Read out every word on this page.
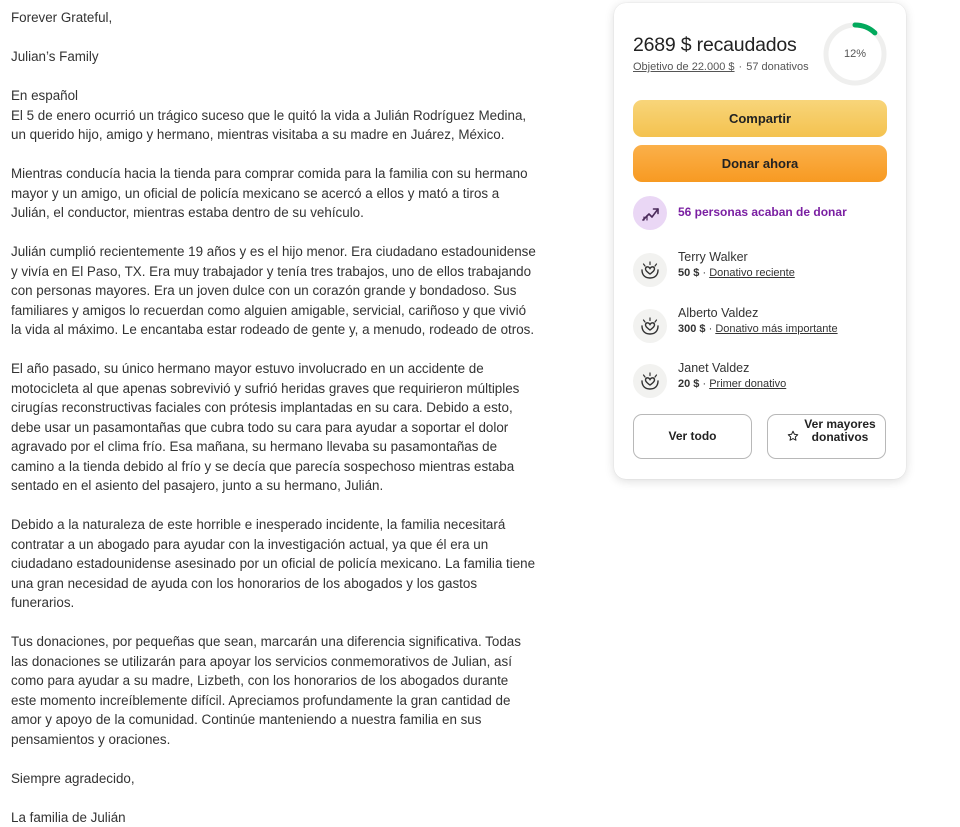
Forever Grateful,

Julian’s Family

En español
El 5 de enero ocurrió un trágico suceso que le quitó la vida a Julián Rodríguez Medina, un querido hijo, amigo y hermano, mientras visitaba a su madre en Juárez, México.

Mientras conducía hacia la tienda para comprar comida para la familia con su hermano mayor y un amigo, un oficial de policía mexicano se acercó a ellos y mató a tiros a Julián, el conductor, mientras estaba dentro de su vehículo.

Julián cumplió recientemente 19 años y es el hijo menor. Era ciudadano estadounidense y vivía en El Paso, TX. Era muy trabajador y tenía tres trabajos, uno de ellos trabajando con personas mayores. Era un joven dulce con un corazón grande y bondadoso. Sus familiares y amigos lo recuerdan como alguien amigable, servicial, cariñoso y que vivió la vida al máximo. Le encantaba estar rodeado de gente y, a menudo, rodeado de otros.

El año pasado, su único hermano mayor estuvo involucrado en un accidente de motocicleta al que apenas sobrevivió y sufrió heridas graves que requirieron múltiples cirugías reconstructivas faciales con prótesis implantadas en su cara. Debido a esto, debe usar un pasamontañas que cubra todo su cara para ayudar a soportar el dolor agravado por el clima frío. Esa mañana, su hermano llevaba su pasamontañas de camino a la tienda debido al frío y se decía que parecía sospechoso mientras estaba sentado en el asiento del pasajero, junto a su hermano, Julián.

Debido a la naturaleza de este horrible e inesperado incidente, la familia necesitará contratar a un abogado para ayudar con la investigación actual, ya que él era un ciudadano estadounidense asesinado por un oficial de policía mexicano. La familia tiene una gran necesidad de ayuda con los honorarios de los abogados y los gastos funerarios.

Tus donaciones, por pequeñas que sean, marcarán una diferencia significativa. Todas las donaciones se utilizarán para apoyar los servicios conmemorativos de Julian, así como para ayudar a su madre, Lizbeth, con los honorarios de los abogados durante este momento increíblemente difícil. Apreciamos profundamente la gran cantidad de amor y apoyo de la comunidad. Continúe manteniendo a nuestra familia en sus pensamientos y oraciones.

Siempre agradecido,

La familia de Julián

2689 $ recaudados
Objetivo de 22.000 $ · 57 donativos
12%
Compartir
Donar ahora
56 personas acaban de donar
Terry Walker
50 $ · Donativo reciente
Alberto Valdez
300 $ · Donativo más importante
Janet Valdez
20 $ · Primer donativo
Ver todo
Ver mayores donativos
